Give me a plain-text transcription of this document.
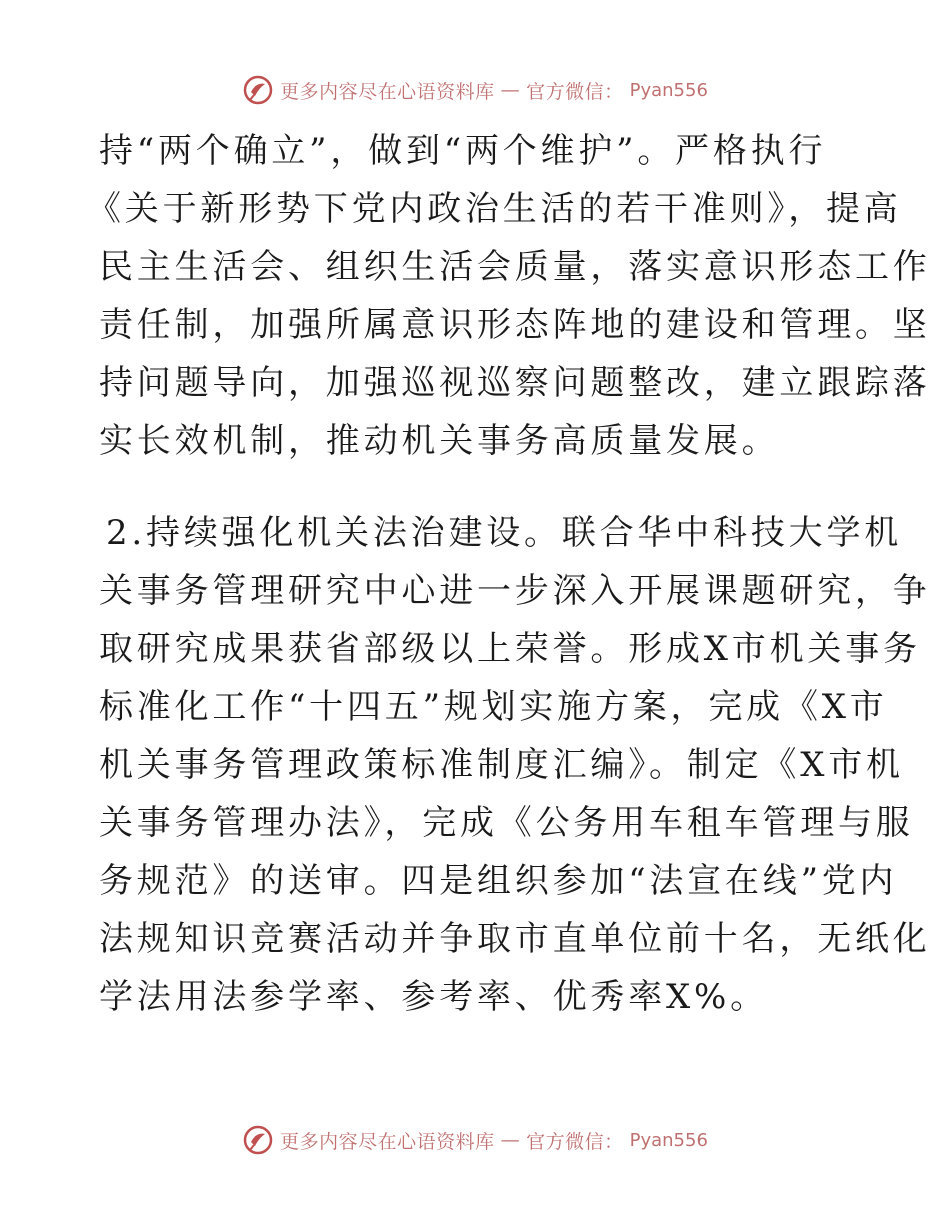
更多内容尽在心语资料库 — 官方微信： Pyan556
持“两个确立”，做到“两个维护”。严格执行
《关于新形势下党内政治生活的若干准则》，提高
民主生活会、组织生活会质量，落实意识形态工作
责任制，加强所属意识形态阵地的建设和管理。坚
持问题导向，加强巡视巡察问题整改，建立跟踪落
实长效机制，推动机关事务高质量发展。
2.持续强化机关法治建设。联合华中科技大学机
关事务管理研究中心进一步深入开展课题研究，争
取研究成果获省部级以上荣誉。形成X市机关事务
标准化工作“十四五”规划实施方案，完成《X市
机关事务管理政策标准制度汇编》。制定《X市机
关事务管理办法》，完成《公务用车租车管理与服
务规范》的送审。四是组织参加“法宣在线”党内
法规知识竞赛活动并争取市直单位前十名，无纸化
学法用法参学率、参考率、优秀率X%。
更多内容尽在心语资料库 — 官方微信： Pyan556
